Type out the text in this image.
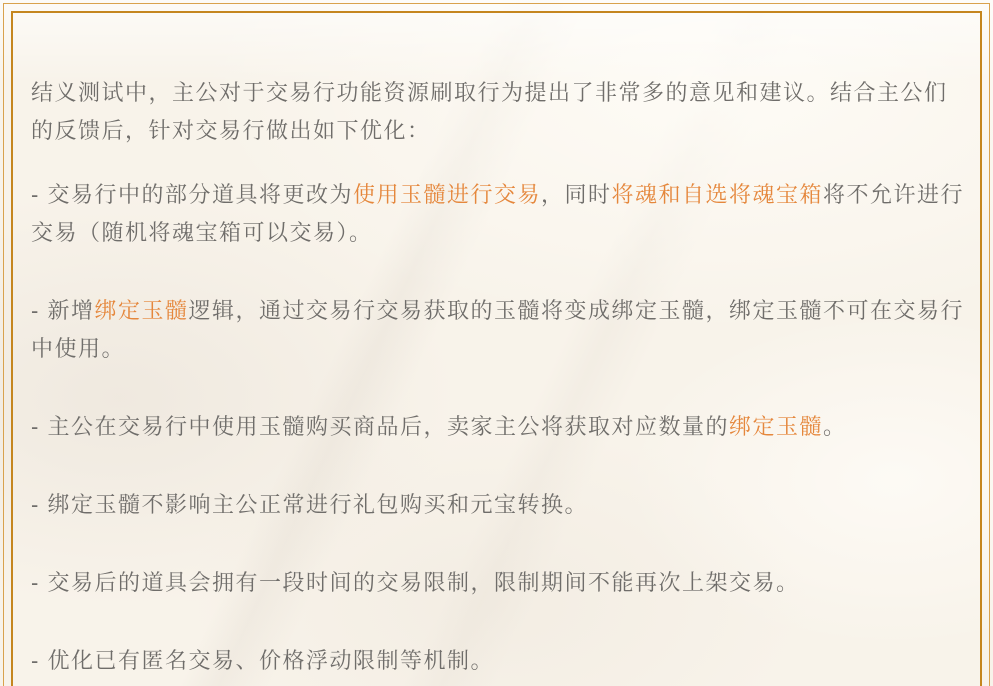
结义测试中，主公对于交易行功能资源刷取行为提出了非常多的意见和建议。结合主公们的反馈后，针对交易行做出如下优化：

- 交易行中的部分道具将更改为使用玉髓进行交易，同时将魂和自选将魂宝箱将不允许进行交易（随机将魂宝箱可以交易）。

- 新增绑定玉髓逻辑，通过交易行交易获取的玉髓将变成绑定玉髓，绑定玉髓不可在交易行中使用。

- 主公在交易行中使用玉髓购买商品后，卖家主公将获取对应数量的绑定玉髓。

- 绑定玉髓不影响主公正常进行礼包购买和元宝转换。

- 交易后的道具会拥有一段时间的交易限制，限制期间不能再次上架交易。

- 优化已有匿名交易、价格浮动限制等机制。
